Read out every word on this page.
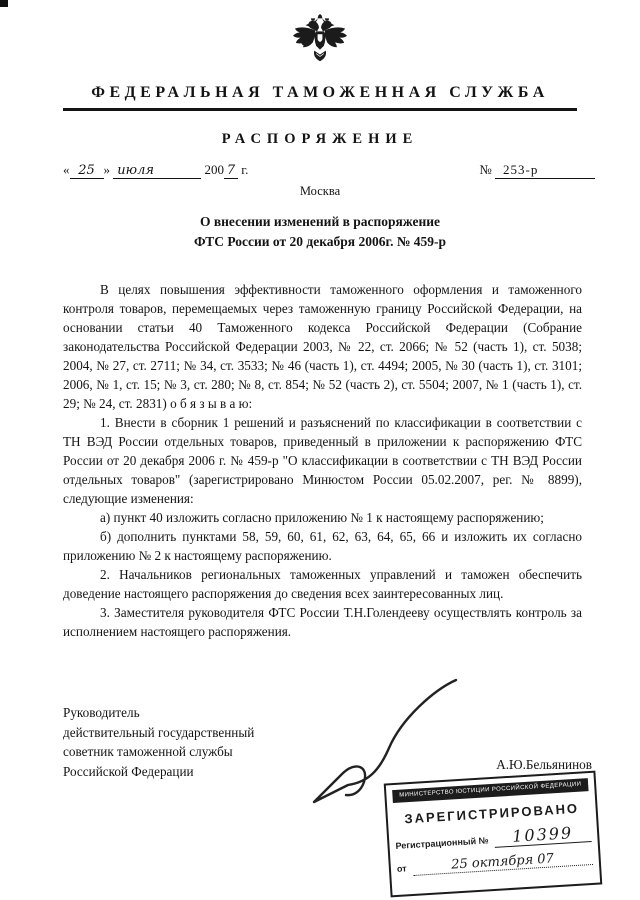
ФЕДЕРАЛЬНАЯ ТАМОЖЕННАЯ СЛУЖБА
РАСПОРЯЖЕНИЕ
« 25 » июля	200 7 г.	№ 253-р
Москва
О внесении изменений в распоряжение
ФТС России от 20 декабря 2006г. № 459-р

В целях повышения эффективности таможенного оформления и таможенного контроля товаров, перемещаемых через таможенную границу Российской Федерации, на основании статьи 40 Таможенного кодекса Российской Федерации (Собрание законодательства Российской Федерации 2003, № 22, ст. 2066; № 52 (часть 1), ст. 5038; 2004, № 27, ст. 2711; № 34, ст. 3533; № 46 (часть 1), ст. 4494; 2005, № 30 (часть 1), ст. 3101; 2006, № 1, ст. 15; № 3, ст. 280; № 8, ст. 854; № 52 (часть 2), ст. 5504; 2007, № 1 (часть 1), ст. 29; № 24, ст. 2831) о б я з ы в а ю:

1. Внести в сборник 1 решений и разъяснений по классификации в соответствии с ТН ВЭД России отдельных товаров, приведенный в приложении к распоряжению ФТС России от 20 декабря 2006 г. № 459-р "О классификации в соответствии с ТН ВЭД России отдельных товаров" (зарегистрировано Минюстом России 05.02.2007, рег. № 8899), следующие изменения:

а) пункт 40 изложить согласно приложению № 1 к настоящему распоряжению;

б) дополнить пунктами 58, 59, 60, 61, 62, 63, 64, 65, 66 и изложить их согласно приложению № 2 к настоящему распоряжению.

2. Начальников региональных таможенных управлений и таможен обеспечить доведение настоящего распоряжения до сведения всех заинтересованных лиц.

3. Заместителя руководителя ФТС России Т.Н.Голендееву осуществлять контроль за исполнением настоящего распоряжения.

Руководитель
действительный государственный
советник таможенной службы
Российской Федерации	А.Ю.Бельянинов
МИНИСТЕРСТВО ЮСТИЦИИ РОССИЙСКОЙ ФЕДЕРАЦИИ
ЗАРЕГИСТРИРОВАНО
Регистрационный №	10399
от	25 октября 07
